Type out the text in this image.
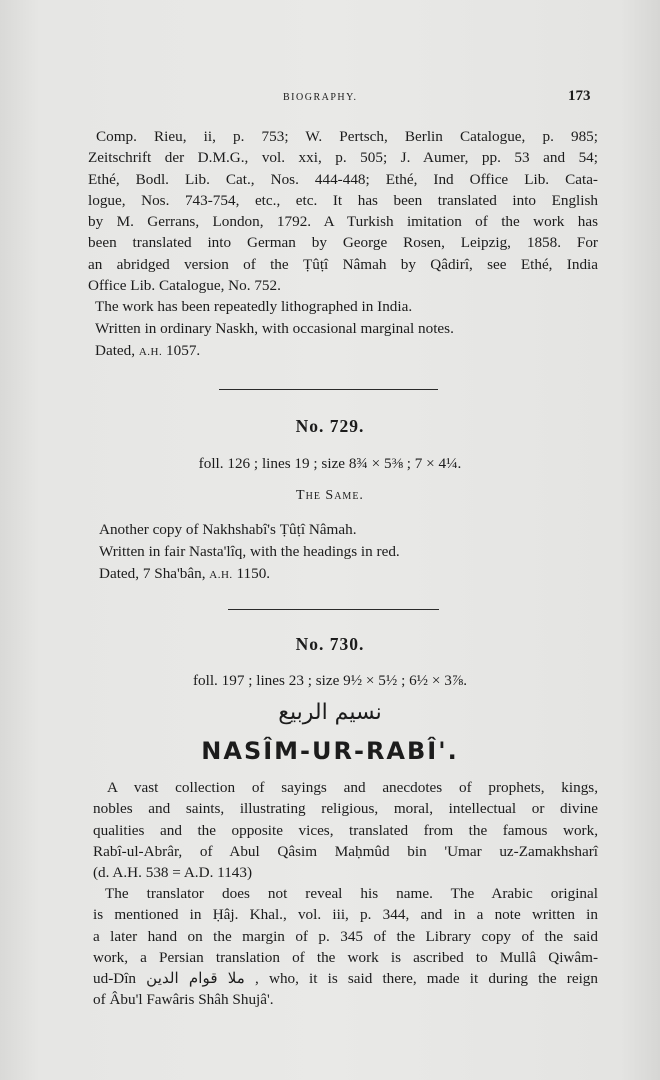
BIOGRAPHY.	173
Comp. Rieu, ii, p. 753; W. Pertsch, Berlin Catalogue, p. 985;
Zeitschrift der D.M.G., vol. xxi, p. 505; J. Aumer, pp. 53 and 54;
Ethé, Bodl. Lib. Cat., Nos. 444-448; Ethé, Ind Office Lib. Cata-
logue, Nos. 743-754, etc., etc. It has been translated into English
by M. Gerrans, London, 1792. A Turkish imitation of the work has
been translated into German by George Rosen, Leipzig, 1858. For
an abridged version of the Ṭûṭî Nâmah by Qâdirî, see Ethé, India
Office Lib. Catalogue, No. 752.
The work has been repeatedly lithographed in India.
Written in ordinary Naskh, with occasional marginal notes.
Dated, A.H. 1057.
No. 729.
foll. 126 ; lines 19 ; size 8¾ × 5⅜ ; 7 × 4¼.
The Same.
Another copy of Nakhshabî's Ṭûṭî Nâmah.
Written in fair Nasta'lîq, with the headings in red.
Dated, 7 Sha'bân, A.H. 1150.
No. 730.
foll. 197 ; lines 23 ; size 9½ × 5½ ; 6½ × 3⅞.
نسيم الربيع
NASÎM-UR-RABÎ'.
A vast collection of sayings and anecdotes of prophets, kings,
nobles and saints, illustrating religious, moral, intellectual or divine
qualities and the opposite vices, translated from the famous work,
Rabî-ul-Abrâr, of Abul Qâsim Maḥmûd bin 'Umar uz-Zamakhsharî
(d. A.H. 538 = A.D. 1143)
The translator does not reveal his name. The Arabic original
is mentioned in Ḥâj. Khal., vol. iii, p. 344, and in a note written in
a later hand on the margin of p. 345 of the Library copy of the said
work, a Persian translation of the work is ascribed to Mullâ Qiwâm-
ud-Dîn ملا قوام الدين , who, it is said there, made it during the reign
of Âbu'l Fawâris Shâh Shujâ'.
